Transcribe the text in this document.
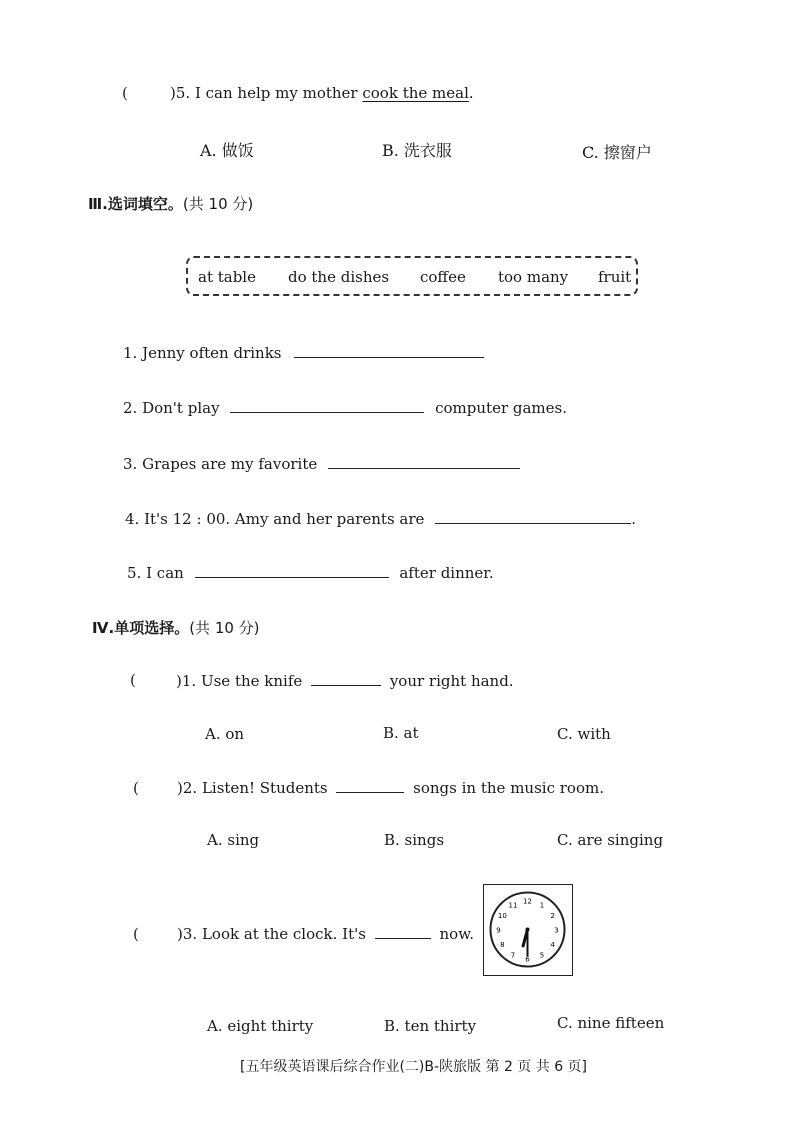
(	)5. I can help my mother cook the meal.
A. 做饭	B. 洗衣服	C. 擦窗户
Ⅲ.选词填空。(共 10 分)
at table do the dishes coffee too many fruit
1. Jenny often drinks
2. Don't play	computer games.
3. Grapes are my favorite
4. It's 12 : 00. Amy and her parents are	.
5. I can	after dinner.
Ⅳ.单项选择。(共 10 分)
(	)1. Use the knife	your right hand.
A. on	B. at	C. with
(	)2. Listen! Students	songs in the music room.
A. sing	B. sings	C. are singing
(	)3. Look at the clock. It's	now.
12 1
2
3
4
5
6
7
8
9
10
11
A. eight thirty	B. ten thirty	C. nine fifteen
[五年级英语课后综合作业(二)B-陕旅版 第 2 页 共 6 页]
